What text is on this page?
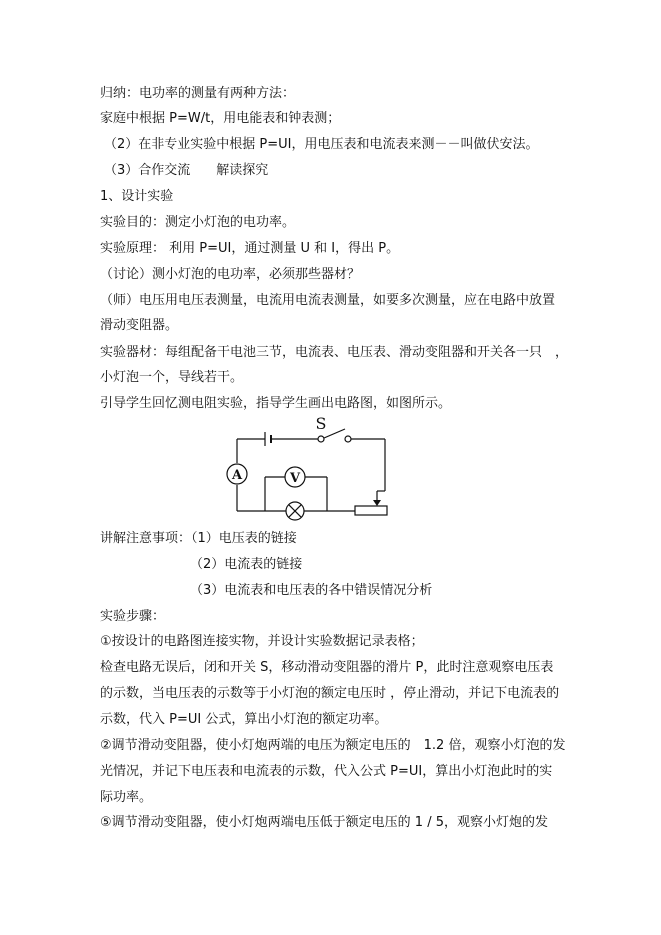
归纳：电功率的测量有两种方法：

家庭中根据 P=W/t，用电能表和钟表测；

（2）在非专业实验中根据 P=UI，用电压表和电流表来测－－叫做伏安法。

（3）合作交流　　解读探究

1、设计实验

实验目的：测定小灯泡的电功率。

实验原理： 利用 P=UI，通过测量 U 和 I，得出 P。

（讨论）测小灯泡的电功率，必须那些器材？

（师）电压用电压表测量，电流用电流表测量，如要多次测量，应在电路中放置

滑动变阻器。

实验器材：每组配备干电池三节，电流表、电压表、滑动变阻器和开关各一只　，

小灯泡一个，导线若干。

引导学生回忆测电阻实验，指导学生画出电路图，如图所示。

S
A	V

讲解注意事项：（1）电压表的链接

（2）电流表的链接

（3）电流表和电压表的各中错误情况分析

实验步骤：

①按设计的电路图连接实物，并设计实验数据记录表格；

检查电路无误后，闭和开关 S，移动滑动变阻器的滑片 P，此时注意观察电压表

的示数，当电压表的示数等于小灯泡的额定电压时 ，停止滑动，并记下电流表的

示数，代入 P=UI 公式，算出小灯泡的额定功率。

②调节滑动变阻器，使小灯炮两端的电压为额定电压的　1.2 倍，观察小灯泡的发

光情况，并记下电压表和电流表的示数，代入公式 P=UI，算出小灯泡此时的实

际功率。

⑤调节滑动变阻器，使小灯炮两端电压低于额定电压的 1 / 5，观察小灯炮的发
